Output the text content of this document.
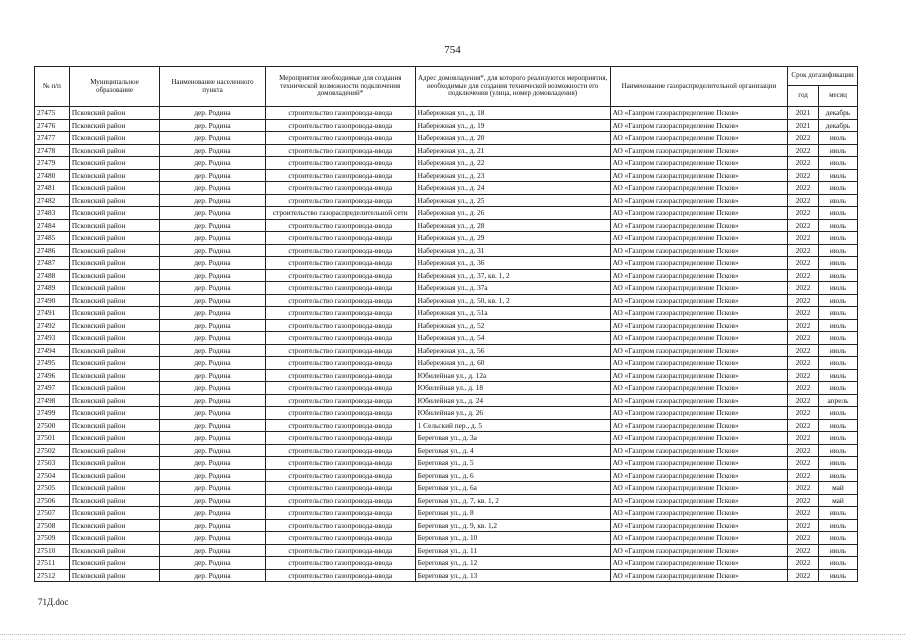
754
№ п/п	Муниципальное образование	Наименование населенного пункта	Мероприятия необходимые для создания технической возможности подключения домовладений*	Адрес домовладения*, для которого реализуются мероприятия, необходимые для создания технической возможности его подключения (улица, номер домовладения)	Наименование газораспределительной организации	Срок догазификации	
						год	месяц
27475	Псковский район	дер. Родина	строительство газопровода-ввода	Набережная ул., д. 18	АО «Газпром газораспределение Псков»	2021	декабрь
27476	Псковский район	дер. Родина	строительство газопровода-ввода	Набережная ул., д. 19	АО «Газпром газораспределение Псков»	2021	декабрь
27477	Псковский район	дер. Родина	строительство газопровода-ввода	Набережная ул., д. 20	АО «Газпром газораспределение Псков»	2022	июль
27478	Псковский район	дер. Родина	строительство газопровода-ввода	Набережная ул., д. 21	АО «Газпром газораспределение Псков»	2022	июль
27479	Псковский район	дер. Родина	строительство газопровода-ввода	Набережная ул., д. 22	АО «Газпром газораспределение Псков»	2022	июль
27480	Псковский район	дер. Родина	строительство газопровода-ввода	Набережная ул., д. 23	АО «Газпром газораспределение Псков»	2022	июль
27481	Псковский район	дер. Родина	строительство газопровода-ввода	Набережная ул., д. 24	АО «Газпром газораспределение Псков»	2022	июль
27482	Псковский район	дер. Родина	строительство газопровода-ввода	Набережная ул., д. 25	АО «Газпром газораспределение Псков»	2022	июль
27483	Псковский район	дер. Родина	строительство газораспределительной сети	Набережная ул., д. 26	АО «Газпром газораспределение Псков»	2022	июль
27484	Псковский район	дер. Родина	строительство газопровода-ввода	Набережная ул., д. 28	АО «Газпром газораспределение Псков»	2022	июль
27485	Псковский район	дер. Родина	строительство газопровода-ввода	Набережная ул., д. 29	АО «Газпром газораспределение Псков»	2022	июль
27486	Псковский район	дер. Родина	строительство газопровода-ввода	Набережная ул., д. 31	АО «Газпром газораспределение Псков»	2022	июль
27487	Псковский район	дер. Родина	строительство газопровода-ввода	Набережная ул., д. 36	АО «Газпром газораспределение Псков»	2022	июль
27488	Псковский район	дер. Родина	строительство газопровода-ввода	Набережная ул., д. 37, кв. 1, 2	АО «Газпром газораспределение Псков»	2022	июль
27489	Псковский район	дер. Родина	строительство газопровода-ввода	Набережная ул., д. 37а	АО «Газпром газораспределение Псков»	2022	июль
27490	Псковский район	дер. Родина	строительство газопровода-ввода	Набережная ул., д. 50, кв. 1, 2	АО «Газпром газораспределение Псков»	2022	июль
27491	Псковский район	дер. Родина	строительство газопровода-ввода	Набережная ул., д. 51а	АО «Газпром газораспределение Псков»	2022	июль
27492	Псковский район	дер. Родина	строительство газопровода-ввода	Набережная ул., д. 52	АО «Газпром газораспределение Псков»	2022	июль
27493	Псковский район	дер. Родина	строительство газопровода-ввода	Набережная ул., д. 54	АО «Газпром газораспределение Псков»	2022	июль
27494	Псковский район	дер. Родина	строительство газопровода-ввода	Набережная ул., д. 56	АО «Газпром газораспределение Псков»	2022	июль
27495	Псковский район	дер. Родина	строительство газопровода-ввода	Набережная ул., д. 60	АО «Газпром газораспределение Псков»	2022	июль
27496	Псковский район	дер. Родина	строительство газопровода-ввода	Юбилейная ул., д. 12а	АО «Газпром газораспределение Псков»	2022	июль
27497	Псковский район	дер. Родина	строительство газопровода-ввода	Юбилейная ул., д. 18	АО «Газпром газораспределение Псков»	2022	июль
27498	Псковский район	дер. Родина	строительство газопровода-ввода	Юбилейная ул., д. 24	АО «Газпром газораспределение Псков»	2022	апрель
27499	Псковский район	дер. Родина	строительство газопровода-ввода	Юбилейная ул., д. 26	АО «Газпром газораспределение Псков»	2022	июль
27500	Псковский район	дер. Родина	строительство газопровода-ввода	1 Сельский пер., д. 5	АО «Газпром газораспределение Псков»	2022	июль
27501	Псковский район	дер. Родина	строительство газопровода-ввода	Береговая ул., д. 3а	АО «Газпром газораспределение Псков»	2022	июль
27502	Псковский район	дер. Родина	строительство газопровода-ввода	Береговая ул., д. 4	АО «Газпром газораспределение Псков»	2022	июль
27503	Псковский район	дер. Родина	строительство газопровода-ввода	Береговая ул., д. 5	АО «Газпром газораспределение Псков»	2022	июль
27504	Псковский район	дер. Родина	строительство газопровода-ввода	Береговая ул., д. 6	АО «Газпром газораспределение Псков»	2022	июль
27505	Псковский район	дер. Родина	строительство газопровода-ввода	Береговая ул., д. 6а	АО «Газпром газораспределение Псков»	2022	май
27506	Псковский район	дер. Родина	строительство газопровода-ввода	Береговая ул., д. 7, кв. 1, 2	АО «Газпром газораспределение Псков»	2022	май
27507	Псковский район	дер. Родина	строительство газопровода-ввода	Береговая ул., д. 8	АО «Газпром газораспределение Псков»	2022	июль
27508	Псковский район	дер. Родина	строительство газопровода-ввода	Береговая ул., д. 9, кв. 1,2	АО «Газпром газораспределение Псков»	2022	июль
27509	Псковский район	дер. Родина	строительство газопровода-ввода	Береговая ул., д. 10	АО «Газпром газораспределение Псков»	2022	июль
27510	Псковский район	дер. Родина	строительство газопровода-ввода	Береговая ул., д. 11	АО «Газпром газораспределение Псков»	2022	июль
27511	Псковский район	дер. Родина	строительство газопровода-ввода	Береговая ул., д. 12	АО «Газпром газораспределение Псков»	2022	июль
27512	Псковский район	дер. Родина	строительство газопровода-ввода	Береговая ул., д. 13	АО «Газпром газораспределение Псков»	2022	июль
71Д.doc
